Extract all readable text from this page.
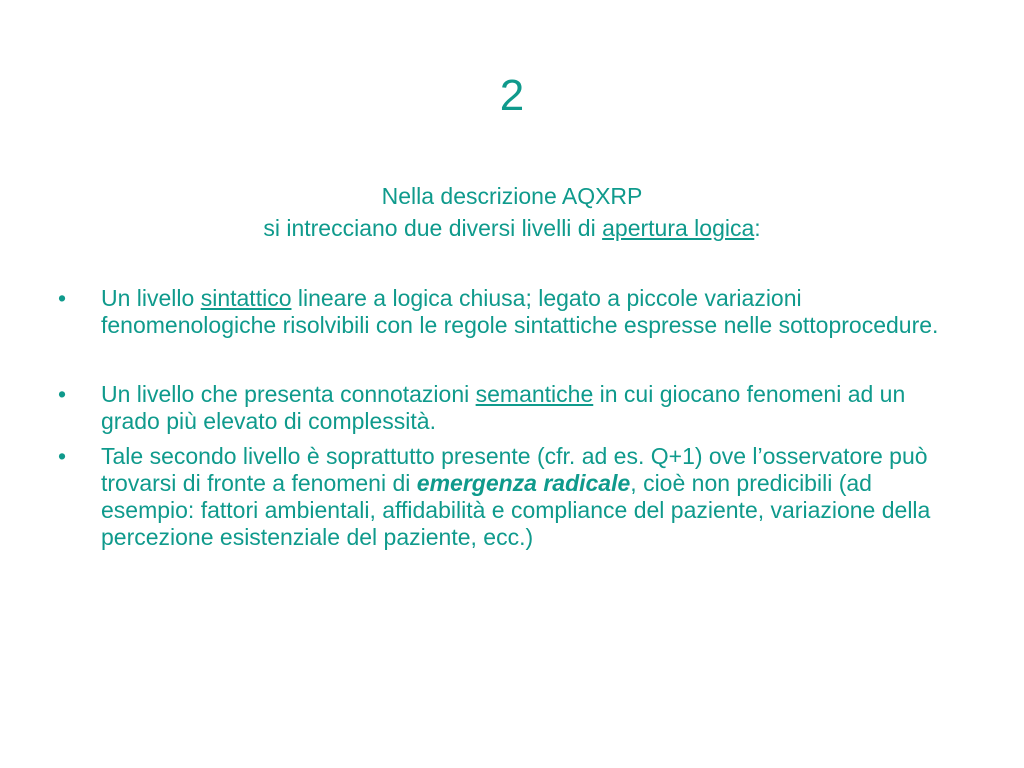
2
Nella descrizione AQXRP
si intrecciano due diversi livelli di apertura logica:
• Un livello sintattico lineare a logica chiusa; legato a piccole variazioni fenomenologiche risolvibili con le regole sintattiche espresse nelle sottoprocedure.
• Un livello che presenta connotazioni semantiche in cui giocano fenomeni ad un grado più elevato di complessità.
• Tale secondo livello è soprattutto presente (cfr. ad es. Q+1) ove l’osservatore può trovarsi di fronte a fenomeni di emergenza radicale, cioè non predicibili (ad esempio: fattori ambientali, affidabilità e compliance del paziente, variazione della percezione esistenziale del paziente, ecc.)
